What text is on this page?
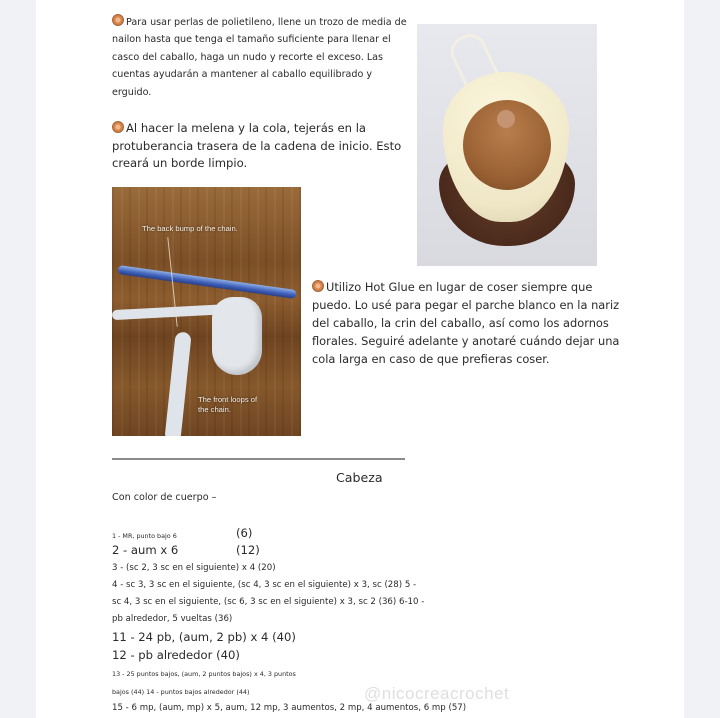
Para usar perlas de polietileno, llene un trozo de media de nailon hasta que tenga el tamaño suficiente para llenar el casco del caballo, haga un nudo y recorte el exceso. Las cuentas ayudarán a mantener al caballo equilibrado y erguido.
Al hacer la melena y la cola, tejerás en la protuberancia trasera de la cadena de inicio. Esto creará un borde limpio.
The back bump of the chain.
The front loops of
the chain.
Utilizo Hot Glue en lugar de coser siempre que puedo. Lo usé para pegar el parche blanco en la nariz del caballo, la crin del caballo, así como los adornos florales. Seguiré adelante y anotaré cuándo dejar una cola larga en caso de que prefieras coser.
Cabeza
Con color de cuerpo –
1 - MR, punto bajo 6	(6)
2 - aum x 6	(12)
3 - (sc 2, 3 sc en el siguiente) x 4 (20)
4 - sc 3, 3 sc en el siguiente, (sc 4, 3 sc en el siguiente) x 3, sc (28) 5 -
sc 4, 3 sc en el siguiente, (sc 6, 3 sc en el siguiente) x 3, sc 2 (36) 6-10 -
pb alrededor, 5 vueltas (36)
11 - 24 pb, (aum, 2 pb) x 4 (40)
12 - pb alrededor (40)
13 - 25 puntos bajos, (aum, 2 puntos bajos) x 4, 3 puntos
bajos (44) 14 - puntos bajos alrededor (44)
15 - 6 mp, (aum, mp) x 5, aum, 12 mp, 3 aumentos, 2 mp, 4 aumentos, 6 mp (57)
@nicocreacrochet
